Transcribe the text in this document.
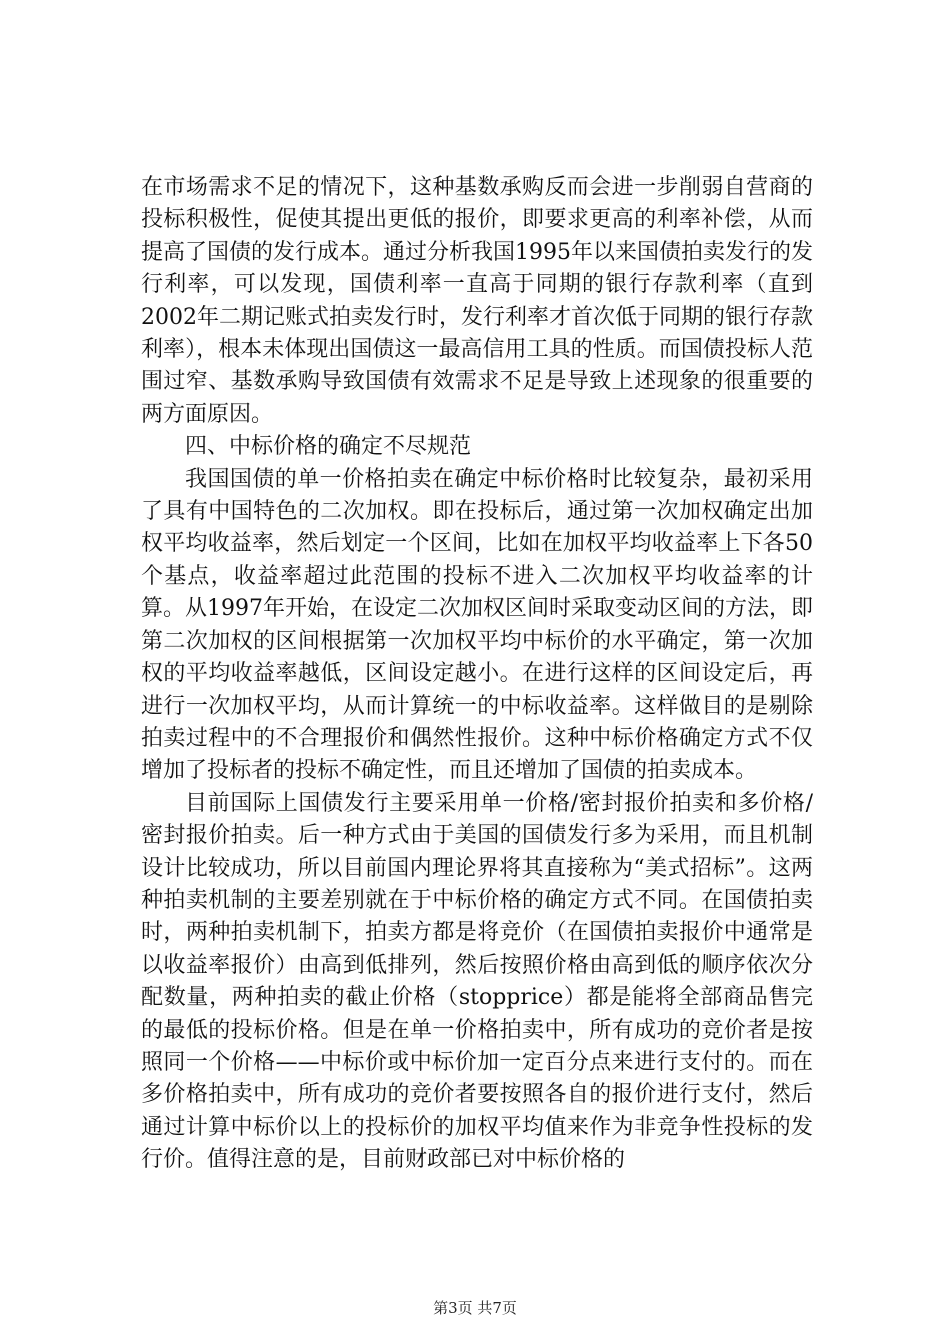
在市场需求不足的情况下，这种基数承购反而会进一步削弱自营商的投标积极性，促使其提出更低的报价，即要求更高的利率补偿，从而提高了国债的发行成本。通过分析我国1995年以来国债拍卖发行的发行利率，可以发现，国债利率一直高于同期的银行存款利率（直到2002年二期记账式拍卖发行时，发行利率才首次低于同期的银行存款利率），根本未体现出国债这一最高信用工具的性质。而国债投标人范围过窄、基数承购导致国债有效需求不足是导致上述现象的很重要的两方面原因。

四、中标价格的确定不尽规范

我国国债的单一价格拍卖在确定中标价格时比较复杂，最初采用了具有中国特色的二次加权。即在投标后，通过第一次加权确定出加权平均收益率，然后划定一个区间，比如在加权平均收益率上下各50个基点，收益率超过此范围的投标不进入二次加权平均收益率的计算。从1997年开始，在设定二次加权区间时采取变动区间的方法，即第二次加权的区间根据第一次加权平均中标价的水平确定，第一次加权的平均收益率越低，区间设定越小。在进行这样的区间设定后，再进行一次加权平均，从而计算统一的中标收益率。这样做目的是剔除拍卖过程中的不合理报价和偶然性报价。这种中标价格确定方式不仅增加了投标者的投标不确定性，而且还增加了国债的拍卖成本。

目前国际上国债发行主要采用单一价格/密封报价拍卖和多价格/密封报价拍卖。后一种方式由于美国的国债发行多为采用，而且机制设计比较成功，所以目前国内理论界将其直接称为“美式招标”。这两种拍卖机制的主要差别就在于中标价格的确定方式不同。在国债拍卖时，两种拍卖机制下，拍卖方都是将竞价（在国债拍卖报价中通常是以收益率报价）由高到低排列，然后按照价格由高到低的顺序依次分配数量，两种拍卖的截止价格（stopprice）都是能将全部商品售完的最低的投标价格。但是在单一价格拍卖中，所有成功的竞价者是按照同一个价格——中标价或中标价加一定百分点来进行支付的。而在多价格拍卖中，所有成功的竞价者要按照各自的报价进行支付，然后通过计算中标价以上的投标价的加权平均值来作为非竞争性投标的发行价。值得注意的是，目前财政部已对中标价格的

第3页 共7页
